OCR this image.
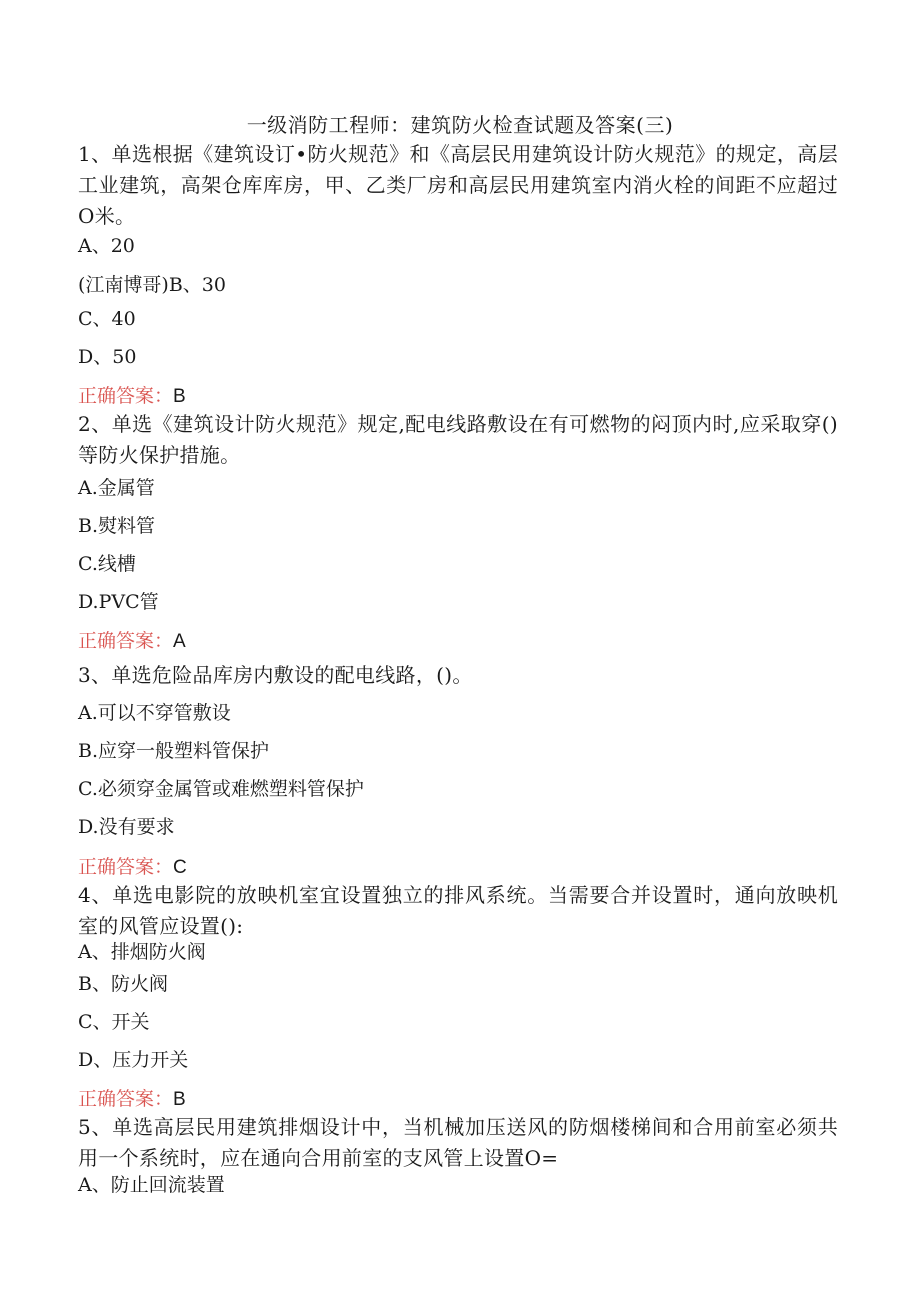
一级消防工程师：建筑防火检查试题及答案(三)
1、单选根据《建筑设订•防火规范》和《高层民用建筑设计防火规范》的规定，高层工业建筑，高架仓库库房，甲、乙类厂房和高层民用建筑室内消火栓的间距不应超过O米。
A、20
(江南博哥)B、30
C、40
D、50
正确答案：B
2、单选《建筑设计防火规范》规定,配电线路敷设在有可燃物的闷顶内时,应采取穿()等防火保护措施。
A.金属管
B.熨料管
C.线槽
D.PVC管
正确答案：A
3、单选危险品库房内敷设的配电线路，()。
A.可以不穿管敷设
B.应穿一般塑料管保护
C.必须穿金属管或难燃塑料管保护
D.没有要求
正确答案：C
4、单选电影院的放映机室宜设置独立的排风系统。当需要合并设置时，通向放映机室的风管应设置():
A、排烟防火阀
B、防火阀
C、开关
D、压力开关
正确答案：B
5、单选高层民用建筑排烟设计中，当机械加压送风的防烟楼梯间和合用前室必须共用一个系统时，应在通向合用前室的支风管上设置O=
A、防止回流装置
